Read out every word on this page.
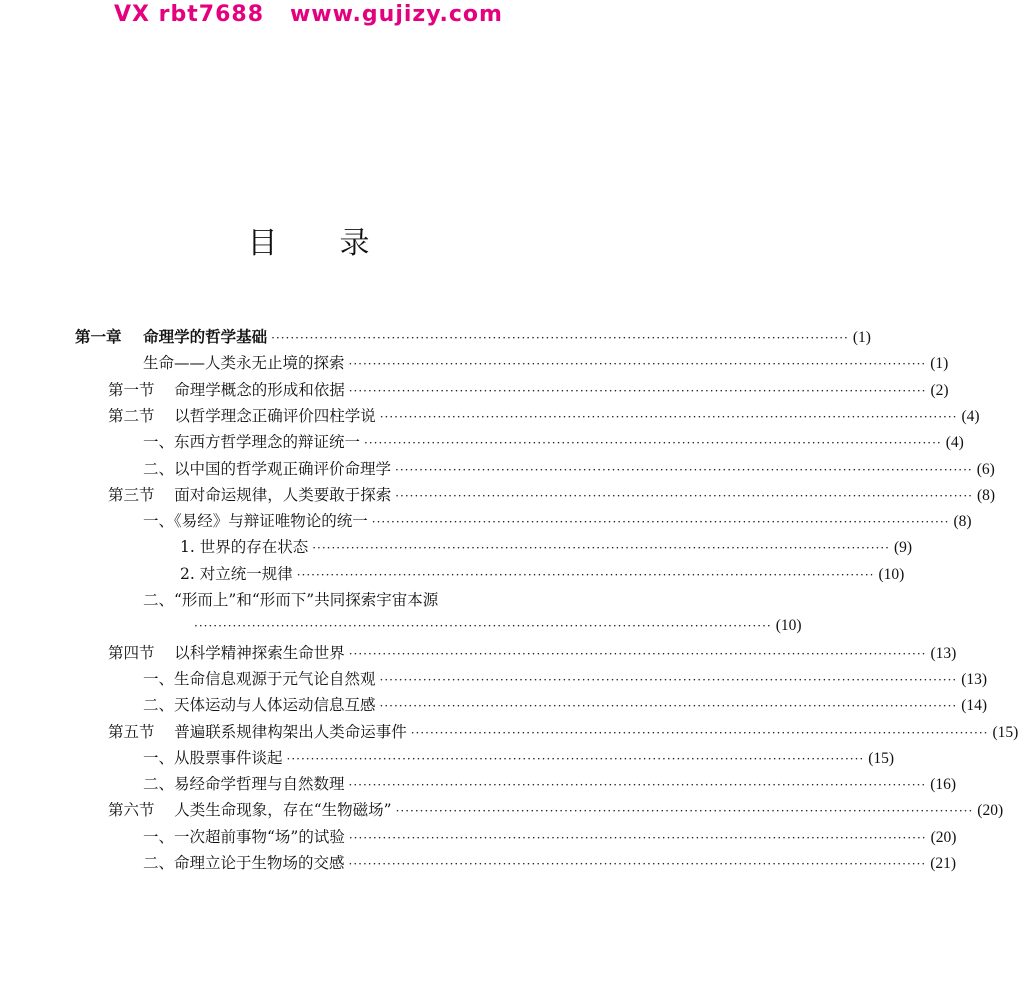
VX rbt7688   www.gujizy.com
目录
第一章    命理学的哲学基础 ························································································································ (1)
生命——人类永无止境的探索 ························································································································ (1)
第一节    命理学概念的形成和依据 ························································································································ (2)
第二节    以哲学理念正确评价四柱学说 ························································································································ (4)
一、东西方哲学理念的辩证统一 ························································································································ (4)
二、以中国的哲学观正确评价命理学 ························································································································ (6)
第三节    面对命运规律，人类要敢于探索 ························································································································ (8)
一、《易经》与辩证唯物论的统一 ························································································································ (8)
1. 世界的存在状态 ························································································································ (9)
2. 对立统一规律 ························································································································ (10)
二、“形而上”和“形而下”共同探索宇宙本源
························································································································ (10)
第四节    以科学精神探索生命世界 ························································································································ (13)
一、生命信息观源于元气论自然观 ························································································································ (13)
二、天体运动与人体运动信息互感 ························································································································ (14)
第五节    普遍联系规律构架出人类命运事件 ························································································································ (15)
一、从股票事件谈起 ························································································································ (15)
二、易经命学哲理与自然数理 ························································································································ (16)
第六节    人类生命现象，存在“生物磁场” ························································································································ (20)
一、一次超前事物“场”的试验 ························································································································ (20)
二、命理立论于生物场的交感 ························································································································ (21)
